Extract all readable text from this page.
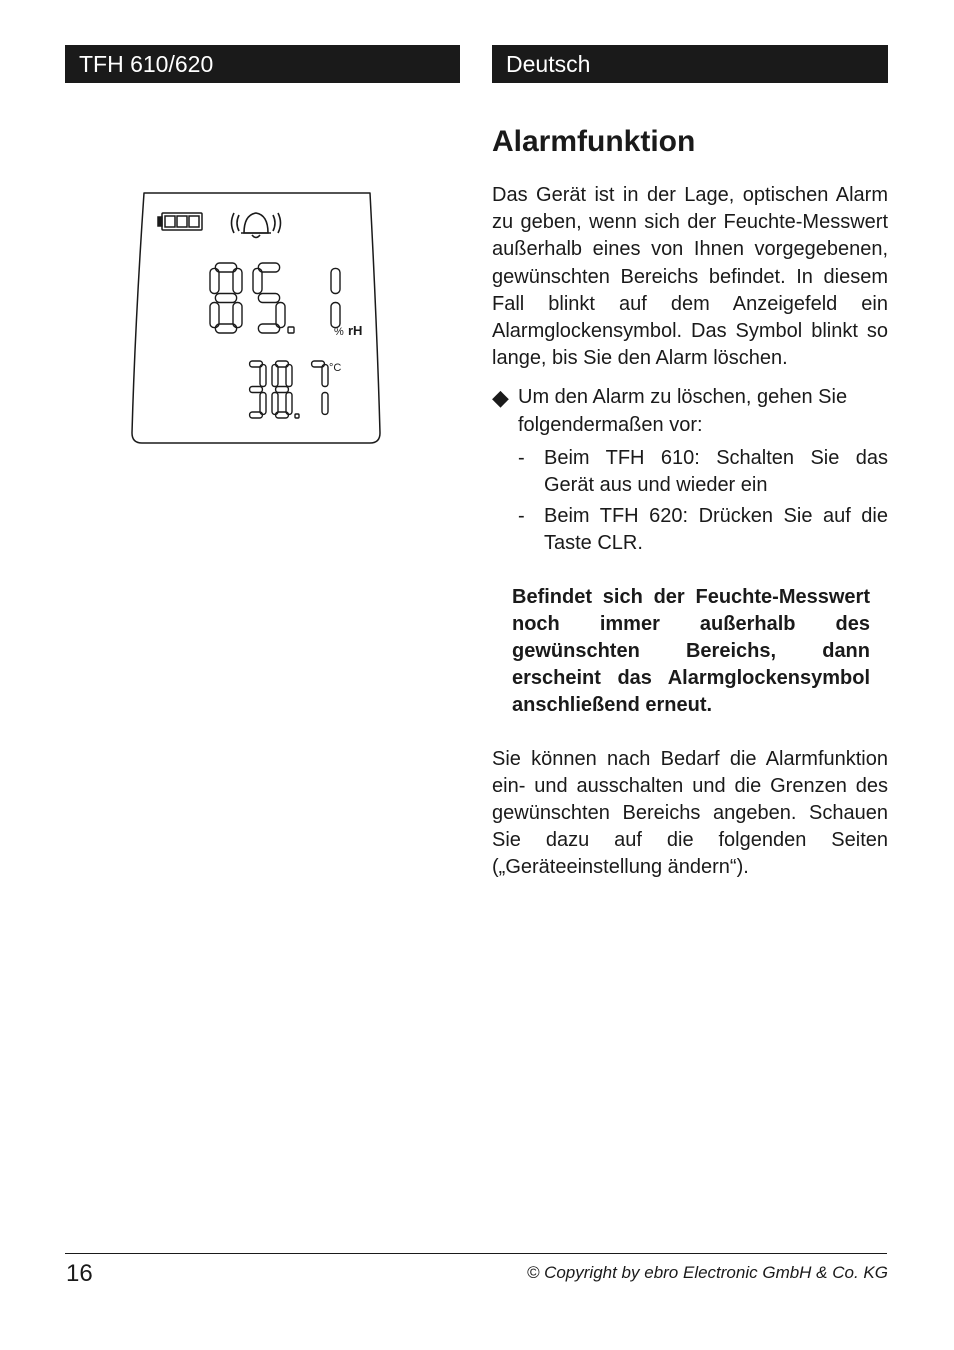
TFH 610/620	Deutsch
% rH
°C
Alarmfunktion

Das Gerät ist in der Lage, optischen Alarm zu geben, wenn sich der Feuchte-Messwert außerhalb eines von Ihnen vorgegebenen, gewünschten Bereichs befindet. In diesem Fall blinkt auf dem Anzeigefeld ein Alarmglockensymbol. Das Symbol blinkt so lange, bis Sie den Alarm löschen.

◆ Um den Alarm zu löschen, gehen Sie folgendermaßen vor:
- Beim TFH 610: Schalten Sie das Gerät aus und wieder ein
- Beim TFH 620: Drücken Sie auf die Taste CLR.
Befindet sich der Feuchte-Messwert noch immer außerhalb des gewünschten Bereichs, dann erscheint das Alarmglockensymbol anschließend erneut.

Sie können nach Bedarf die Alarmfunktion ein- und ausschalten und die Grenzen des gewünschten Bereichs angeben. Schauen Sie dazu auf die folgenden Seiten („Geräteeinstellung ändern“).

16	© Copyright by ebro Electronic GmbH & Co. KG
